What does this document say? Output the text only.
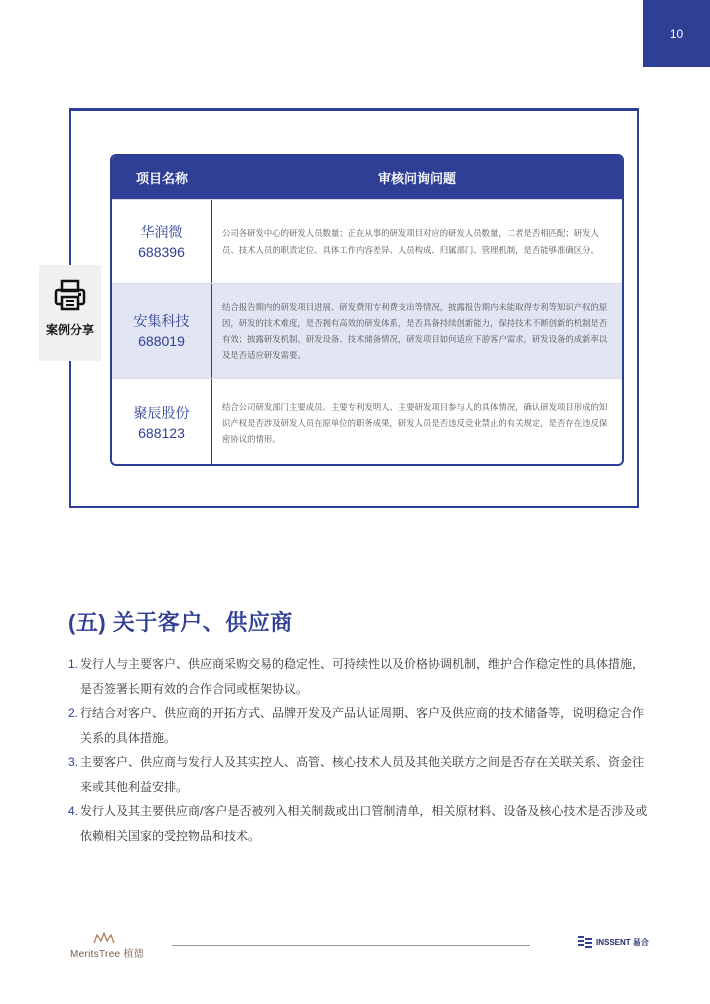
10
案例分享
项目名称	审核问询问题
华润微
688396
公司各研发中心的研发人员数量；正在从事的研发项目对应的研发人员数量，二者是否相匹配；研发人员、技术人员的职责定位、具体工作内容差异、人员构成、归属部门、管理机制，是否能够准确区分。
安集科技
688019
结合报告期内的研发项目进展、研发费用专利费支出等情况，披露报告期内未能取得专利等知识产权的原因，研发的技术难度，是否拥有高效的研发体系，是否具备持续创新能力，保持技术不断创新的机制是否有效；披露研发机制、研发设备、技术储备情况，研发项目如何适应下游客户需求，研发设备的成新率以及是否适应研发需要。
聚辰股份
688123
结合公司研发部门主要成员、主要专利发明人、主要研发项目参与人的具体情况，确认研发项目形成的知识产权是否涉及研发人员在原单位的职务成果，研发人员是否违反竞业禁止的有关规定，是否存在违反保密协议的情形。
(五) 关于客户、供应商
1. 发行人与主要客户、供应商采购交易的稳定性、可持续性以及价格协调机制，维护合作稳定性的具体措施，是否签署长期有效的合作合同或框架协议。
2. 行结合对客户、供应商的开拓方式、品牌开发及产品认证周期、客户及供应商的技术储备等，说明稳定合作关系的具体措施。
3. 主要客户、供应商与发行人及其实控人、高管、核心技术人员及其他关联方之间是否存在关联关系、资金往来或其他利益安排。
4. 发行人及其主要供应商/客户是否被列入相关制裁或出口管制清单，相关原材料、设备及核心技术是否涉及或依赖相关国家的受控物品和技术。
MeritsTree 植德
INSSENT 易合
